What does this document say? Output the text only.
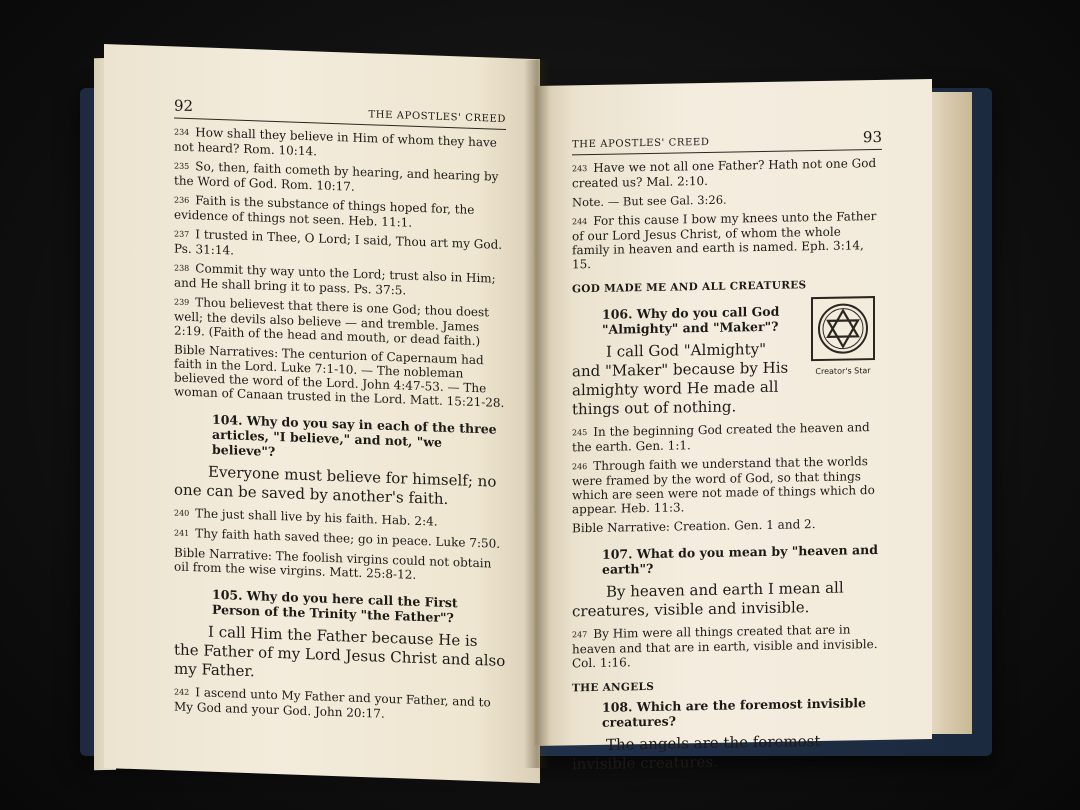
92
THE APOSTLES' CREED

234 How shall they believe in Him of whom they have not heard? Rom. 10:14.

235 So, then, faith cometh by hearing, and hearing by the Word of God. Rom. 10:17.

236 Faith is the substance of things hoped for, the evidence of things not seen. Heb. 11:1.

237 I trusted in Thee, O Lord; I said, Thou art my God. Ps. 31:14.

238 Commit thy way unto the Lord; trust also in Him; and He shall bring it to pass. Ps. 37:5.

239 Thou believest that there is one God; thou doest well; the devils also believe — and tremble. James 2:19. (Faith of the head and mouth, or dead faith.)

Bible Narratives: The centurion of Capernaum had faith in the Lord. Luke 7:1-10. — The nobleman believed the word of the Lord. John 4:47-53. — The woman of Canaan trusted in the Lord. Matt. 15:21-28.

104. Why do you say in each of the three articles, "I believe," and not, "we believe"?

Everyone must believe for himself; no one can be saved by another's faith.

240 The just shall live by his faith. Hab. 2:4.

241 Thy faith hath saved thee; go in peace. Luke 7:50.

Bible Narrative: The foolish virgins could not obtain oil from the wise virgins. Matt. 25:8-12.

105. Why do you here call the First Person of the Trinity "the Father"?

I call Him the Father because He is the Father of my Lord Jesus Christ and also my Father.

242 I ascend unto My Father and your Father, and to My God and your God. John 20:17.

THE APOSTLES' CREED	93

243 Have we not all one Father? Hath not one God created us? Mal. 2:10.

Note. — But see Gal. 3:26.

244 For this cause I bow my knees unto the Father of our Lord Jesus Christ, of whom the whole family in heaven and earth is named. Eph. 3:14, 15.

GOD MADE ME AND ALL CREATURES
Creator's Star

106. Why do you call God "Almighty" and "Maker"?

I call God "Almighty" and "Maker" because by His almighty word He made all things out of nothing.

245 In the beginning God created the heaven and the earth. Gen. 1:1.

246 Through faith we understand that the worlds were framed by the word of God, so that things which are seen were not made of things which do appear. Heb. 11:3.

Bible Narrative: Creation. Gen. 1 and 2.

107. What do you mean by "heaven and earth"?

By heaven and earth I mean all creatures, visible and invisible.

247 By Him were all things created that are in heaven and that are in earth, visible and invisible. Col. 1:16.

THE ANGELS

108. Which are the foremost invisible creatures?

The angels are the foremost invisible creatures.
